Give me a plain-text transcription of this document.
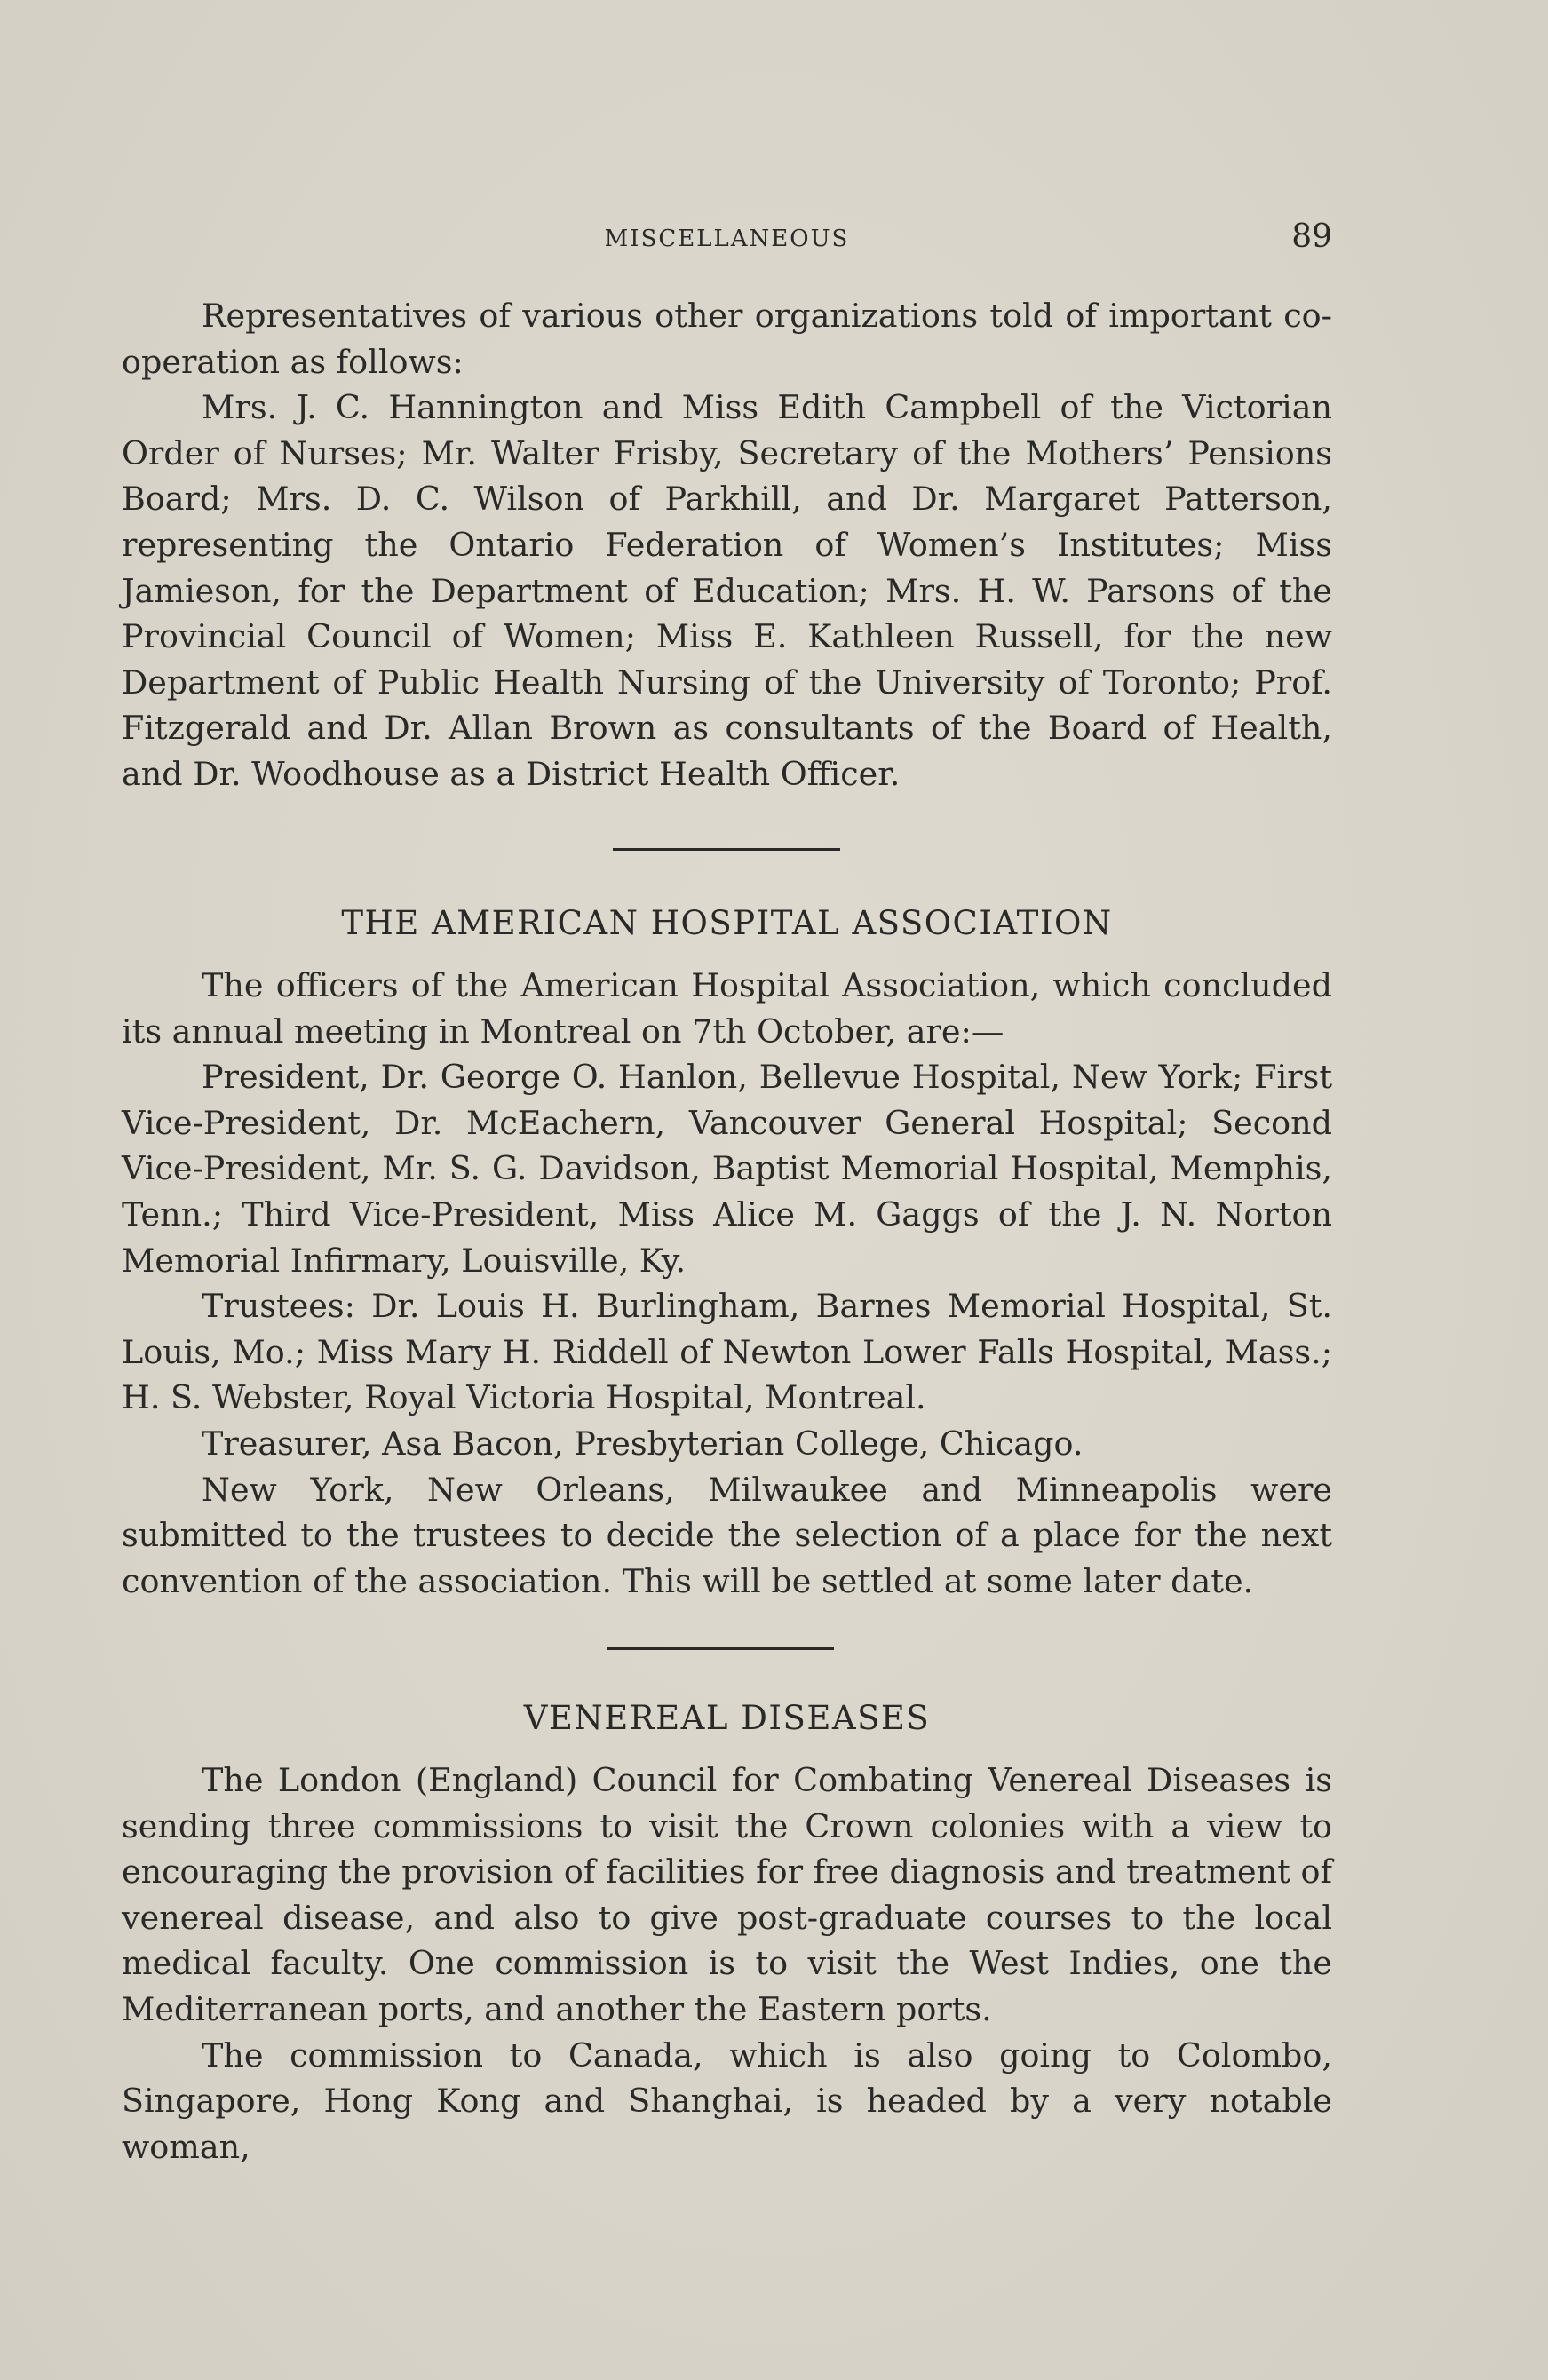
MISCELLANEOUS	89

Representatives of various other organizations told of important co-operation as follows:

Mrs. J. C. Hannington and Miss Edith Campbell of the Victorian Order of Nurses; Mr. Walter Frisby, Secretary of the Mothers’ Pensions Board; Mrs. D. C. Wilson of Parkhill, and Dr. Margaret Patterson, representing the Ontario Federation of Women’s Institutes; Miss Jamieson, for the Department of Education; Mrs. H. W. Parsons of the Provincial Council of Women; Miss E. Kathleen Russell, for the new Department of Public Health Nursing of the University of Toronto; Prof. Fitzgerald and Dr. Allan Brown as consultants of the Board of Health, and Dr. Woodhouse as a District Health Officer.

THE AMERICAN HOSPITAL ASSOCIATION

The officers of the American Hospital Association, which concluded its annual meeting in Montreal on 7th October, are:—

President, Dr. George O. Hanlon, Bellevue Hospital, New York; First Vice-President, Dr. McEachern, Vancouver General Hospital; Second Vice-President, Mr. S. G. Davidson, Baptist Memorial Hospital, Memphis, Tenn.; Third Vice-President, Miss Alice M. Gaggs of the J. N. Norton Memorial Infirmary, Louisville, Ky.

Trustees: Dr. Louis H. Burlingham, Barnes Memorial Hospital, St. Louis, Mo.; Miss Mary H. Riddell of Newton Lower Falls Hospital, Mass.; H. S. Webster, Royal Victoria Hospital, Montreal.

Treasurer, Asa Bacon, Presbyterian College, Chicago.

New York, New Orleans, Milwaukee and Minneapolis were submitted to the trustees to decide the selection of a place for the next convention of the association. This will be settled at some later date.

VENEREAL DISEASES

The London (England) Council for Combating Venereal Diseases is sending three commissions to visit the Crown colonies with a view to encouraging the provision of facilities for free diagnosis and treatment of venereal disease, and also to give post-graduate courses to the local medical faculty. One commission is to visit the West Indies, one the Mediterranean ports, and another the Eastern ports.

The commission to Canada, which is also going to Colombo, Singapore, Hong Kong and Shanghai, is headed by a very notable woman,
